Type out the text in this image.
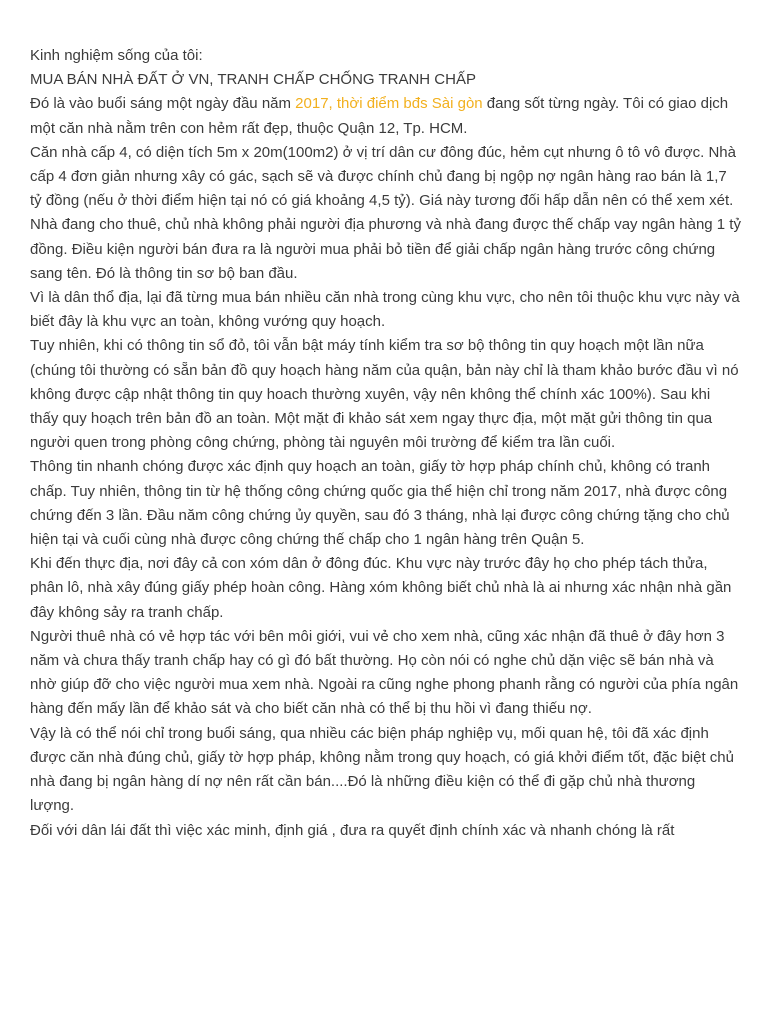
Kinh nghiệm sống của tôi:

MUA BÁN NHÀ ĐẤT Ở VN, TRANH CHẤP CHỐNG TRANH CHẤP

Đó là vào buổi sáng một ngày đầu năm 2017, thời điểm bđs Sài gòn đang sốt từng ngày. Tôi có giao dịch một căn nhà nằm trên con hẻm rất đẹp, thuộc Quận 12, Tp. HCM.

Căn nhà cấp 4, có diện tích 5m x 20m(100m2) ở vị trí dân cư đông đúc, hẻm cụt nhưng ô tô vô được. Nhà cấp 4 đơn giản nhưng xây có gác, sạch sẽ và được chính chủ đang bị ngộp nợ ngân hàng rao bán là 1,7 tỷ đồng (nếu ở thời điểm hiện tại nó có giá khoảng 4,5 tỷ). Giá này tương đối hấp dẫn nên có thể xem xét.

Nhà đang cho thuê, chủ nhà không phải người địa phương và nhà đang được thế chấp vay ngân hàng 1 tỷ đồng. Điều kiện người bán đưa ra là người mua phải bỏ tiền để giải chấp ngân hàng trước công chứng sang tên. Đó là thông tin sơ bộ ban đầu.

Vì là dân thổ địa, lại đã từng mua bán nhiều căn nhà trong cùng khu vực, cho nên tôi thuộc khu vực này và biết đây là khu vực an toàn, không vướng quy hoạch.

Tuy nhiên, khi có thông tin sổ đỏ, tôi vẫn bật máy tính kiểm tra sơ bộ thông tin quy hoạch một lần nữa (chúng tôi thường có sẵn bản đồ quy hoạch hàng năm của quận, bản này chỉ là tham khảo bước đầu vì nó không được cập nhật thông tin quy hoach thường xuyên, vậy nên không thể chính xác 100%). Sau khi thấy quy hoạch trên bản đồ an toàn. Một mặt đi khảo sát xem ngay thực địa, một mặt gửi thông tin qua người quen trong phòng công chứng, phòng tài nguyên môi trường để kiểm tra lần cuối.

Thông tin nhanh chóng được xác định quy hoạch an toàn, giấy tờ hợp pháp chính chủ, không có tranh chấp. Tuy nhiên, thông tin từ hệ thống công chứng quốc gia thể hiện chỉ trong năm 2017, nhà được công chứng đến 3 lần. Đầu năm công chứng ủy quyền, sau đó 3 tháng, nhà lại được công chứng tặng cho chủ hiện tại và cuối cùng nhà được công chứng thế chấp cho 1 ngân hàng trên Quận 5.

Khi đến thực địa, nơi đây cả con xóm dân ở đông đúc. Khu vực này trước đây họ cho phép tách thửa, phân lô, nhà xây đúng giấy phép hoàn công. Hàng xóm không biết chủ nhà là ai nhưng xác nhận nhà gần đây không sảy ra tranh chấp.

Người thuê nhà có vẻ hợp tác với bên môi giới, vui vẻ cho xem nhà, cũng xác nhận đã thuê ở đây hơn 3 năm và chưa thấy tranh chấp hay có gì đó bất thường. Họ còn nói có nghe chủ dặn việc sẽ bán nhà và nhờ giúp đỡ cho việc người mua xem nhà. Ngoài ra cũng nghe phong phanh rằng có người của phía ngân hàng đến mấy lần để khảo sát và cho biết căn nhà có thể bị thu hồi vì đang thiếu nợ.

Vậy là có thể nói chỉ trong buổi sáng, qua nhiều các biện pháp nghiệp vụ, mối quan hệ, tôi đã xác định được căn nhà đúng chủ, giấy tờ hợp pháp, không nằm trong quy hoạch, có giá khởi điểm tốt, đặc biệt chủ nhà đang bị ngân hàng dí nợ nên rất cần bán....Đó là những điều kiện có thể đi gặp chủ nhà thương lượng.

Đối với dân lái đất thì việc xác minh, định giá , đưa ra quyết định chính xác và nhanh chóng là rất
